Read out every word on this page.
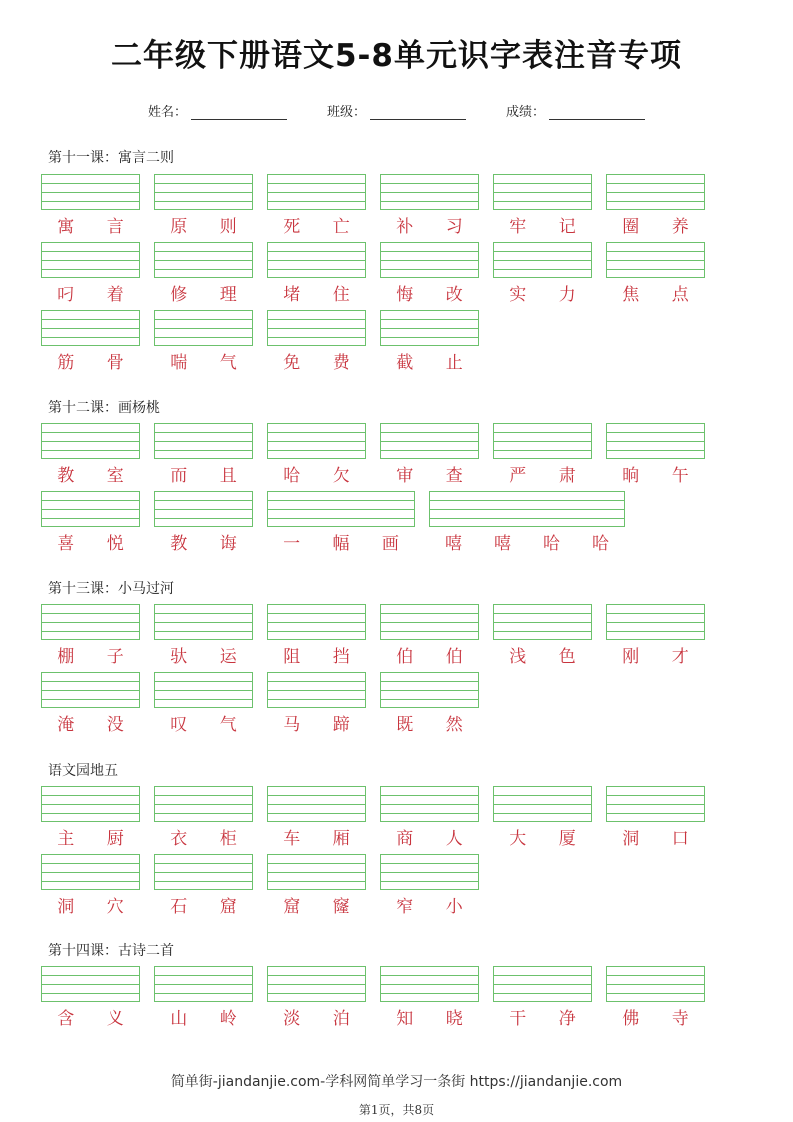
二年级下册语文5-8单元识字表注音专项
姓名：	班级：	成绩：
第十一课：寓言二则
寓 言	原 则	死 亡	补 习	牢 记	圈 养
叼 着	修 理	堵 住	悔 改	实 力	焦 点
筋 骨	喘 气	免 费	截 止
第十二课：画杨桃
教 室	而 且	哈 欠	审 查	严 肃	晌 午
喜 悦	教 诲	一 幅 画	嘻 嘻 哈 哈
第十三课：小马过河
棚 子	驮 运	阻 挡	伯 伯	浅 色	刚 才
淹 没	叹 气	马 蹄	既 然
语文园地五
主 厨	衣 柜	车 厢	商 人	大 厦	洞 口
洞 穴	石 窟	窟 窿	窄 小
第十四课：古诗二首
含 义	山 岭	淡 泊	知 晓	干 净	佛 寺
简单街-jiandanjie.com-学科网简单学习一条街 https://jiandanjie.com
第1页，共8页
